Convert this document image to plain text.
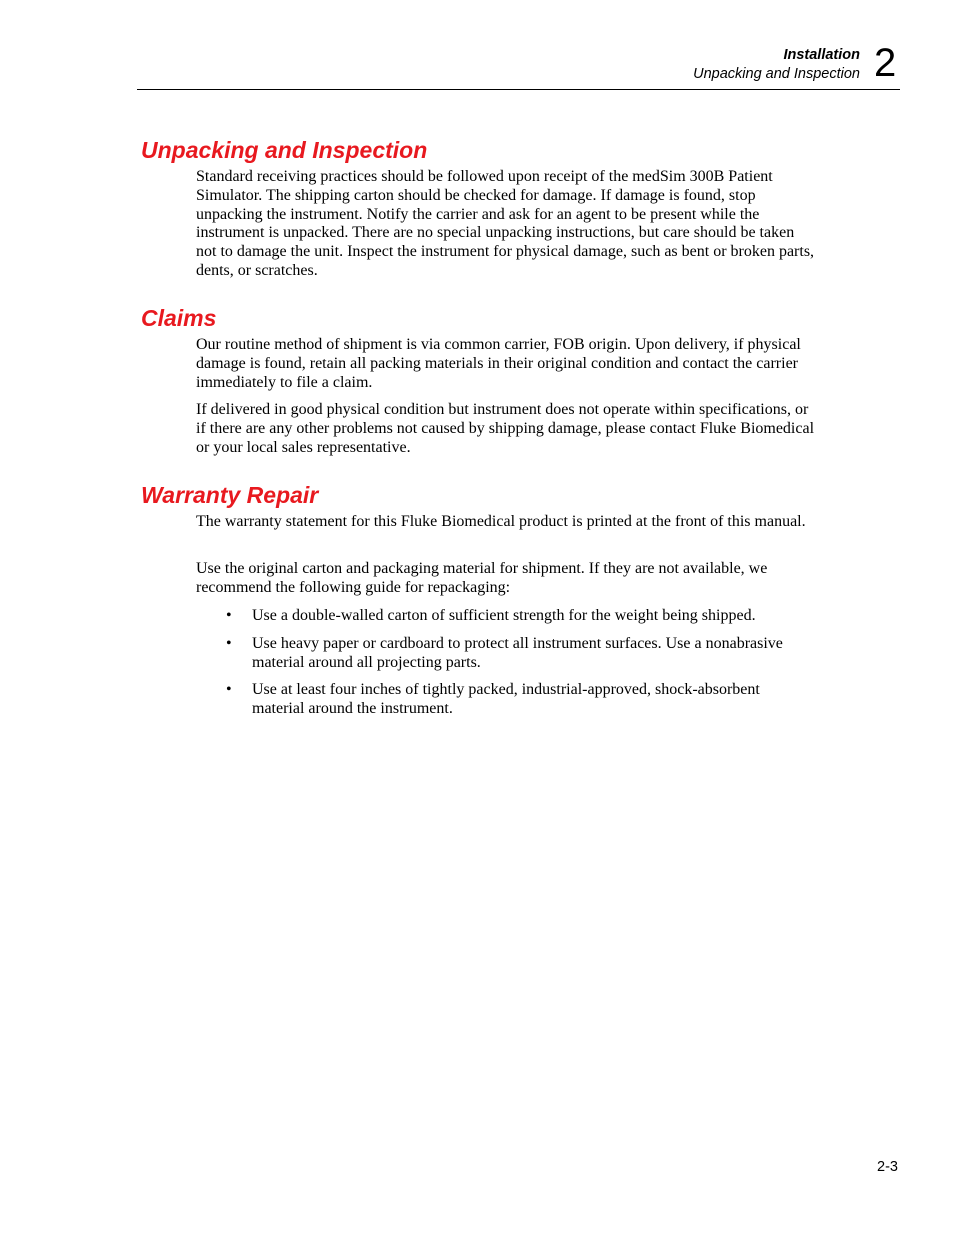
Installation
Unpacking and Inspection 2
Unpacking and Inspection

Standard receiving practices should be followed upon receipt of the medSim 300B Patient Simulator. The shipping carton should be checked for damage. If damage is found, stop unpacking the instrument. Notify the carrier and ask for an agent to be present while the instrument is unpacked. There are no special unpacking instructions, but care should be taken not to damage the unit. Inspect the instrument for physical damage, such as bent or broken parts, dents, or scratches.

Claims

Our routine method of shipment is via common carrier, FOB origin. Upon delivery, if physical damage is found, retain all packing materials in their original condition and contact the carrier immediately to file a claim.

If delivered in good physical condition but instrument does not operate within specifications, or if there are any other problems not caused by shipping damage, please contact Fluke Biomedical or your local sales representative.

Warranty Repair

The warranty statement for this Fluke Biomedical product is printed at the front of this manual.

Use the original carton and packaging material for shipment. If they are not available, we recommend the following guide for repackaging:

• Use a double-walled carton of sufficient strength for the weight being shipped.
• Use heavy paper or cardboard to protect all instrument surfaces. Use a nonabrasive material around all projecting parts.
• Use at least four inches of tightly packed, industrial-approved, shock-absorbent material around the instrument.
2-3
